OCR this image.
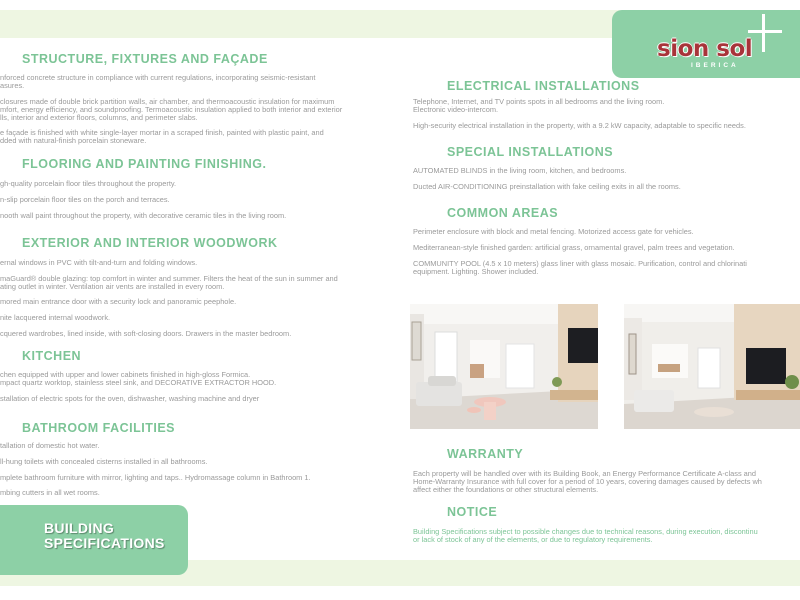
sion sol
IBERICA
STRUCTURE, FIXTURES AND FAÇADE
nforced concrete structure in compliance with current regulations, incorporating seismic-resistant
asures.
closures made of double brick partition walls, air chamber, and thermoacoustic insulation for maximum
mfort, energy efficiency, and soundproofing. Termoacoustic insulation applied to both interior and exterior
lls, interior and exterior floors, columns, and perimeter slabs.
e façade is finished with white single-layer mortar in a scraped finish, painted with plastic paint, and
dded with natural-finish porcelain stoneware.
FLOORING AND PAINTING FINISHING.
gh-quality porcelain floor tiles throughout the property.
n-slip porcelain floor tiles on the porch and terraces.
nooth wall paint throughout the property, with decorative ceramic tiles in the living room.
EXTERIOR AND INTERIOR WOODWORK
ernal windows in PVC with tilt-and-turn and folding windows.
maGuard® double glazing: top comfort in winter and summer. Filters the heat of the sun in summer and
ating outlet in winter. Ventilation air vents are installed in every room.
mored main entrance door with a security lock and panoramic peephole.
nite lacquered internal woodwork.
cquered wardrobes, lined inside, with soft-closing doors. Drawers in the master bedroom.
KITCHEN
chen equipped with upper and lower cabinets finished in high-gloss Formica.
mpact quartz worktop, stainless steel sink, and DECORATIVE EXTRACTOR HOOD.
stallation of electric spots for the oven, dishwasher, washing machine and dryer
BATHROOM FACILITIES
tallation of domestic hot water.
ll-hung toilets with concealed cisterns installed in all bathrooms.
mplete bathroom furniture with mirror, lighting and taps.. Hydromassage column in Bathroom 1.
mbing cutters in all wet rooms.
BUILDING
SPECIFICATIONS
ELECTRICAL INSTALLATIONS
Telephone, Internet, and TV points spots in all bedrooms and the living room.
Electronic video-intercom.
High-security electrical installation in the property, with a 9.2 kW capacity, adaptable to specific needs.
SPECIAL INSTALLATIONS
AUTOMATED BLINDS in the living room, kitchen, and bedrooms.
Ducted AIR-CONDITIONING preinstallation with fake ceiling exits in all the rooms.
COMMON AREAS
Perimeter enclosure with block and metal fencing. Motorized access gate for vehicles.
Mediterranean-style finished garden: artificial grass, ornamental gravel, palm trees and vegetation.
COMMUNITY POOL (4.5 x 10 meters) glass liner with glass mosaic. Purification, control and chlorinati
equipment. Lighting. Shower included.
WARRANTY
Each property will be handled over with its Building Book, an Energy Performance Certificate A-class and
Home-Warranty Insurance with full cover for a period of 10 years, covering damages caused by defects wh
affect either the foundations or other structural elements.
NOTICE
Building Specifications subject to possible changes due to technical reasons, during execution, discontinu
or lack of stock of any of the elements, or due to regulatory requirements.
